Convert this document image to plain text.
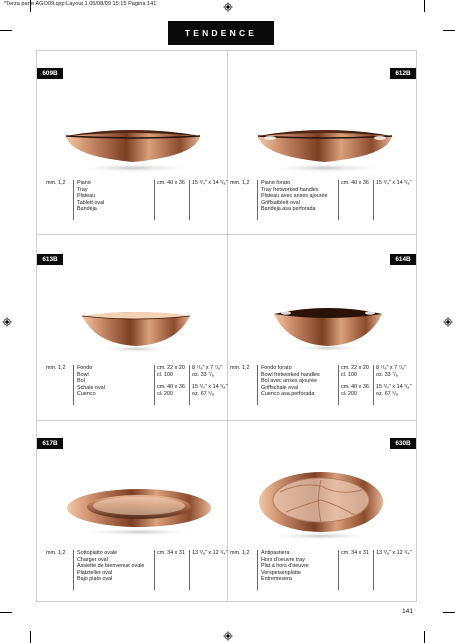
*Terza parte AGO09.qxp:Layout 1 05/08/09 15:15 Pagina 141
TENDENCE
609B
mm. 1,2 Piano
Tray
Plateau
Tablett oval
Bandeja
cm. 40 x 36 15 ³/₄" x 14 ¹/₈"
612B
mm. 1,2 Piano forato
Tray fretworked handles
Plateau avec anses ajourée
Griffsatblett oval
Bandeja asa perforada
cm. 40 x 36 15 ³/₄" x 14 ¹/₈"
613B
mm. 1,2 Fondo
Bowl
Bol
Schale oval
Cuenco
cm. 22 x 20
cl. 100
cm. 40 x 36
cl. 200
8 ⁵/₈" x 7 ⁷/₈"
oz. 33 ⁷/₈
15 ³/₄" x 14 ¹/₈"
oz. 67 ⁵/₈
614B
mm. 1,2 Fondo forato
Bowl fretworked handles
Bol avec anses ajourée
Griffschale oval
Cuenco asa perforada
cm. 22 x 20
cl. 100
cm. 40 x 36
cl. 200
8 ⁵/₈" x 7 ⁷/₈"
oz. 33 ⁷/₈
15 ³/₄" x 14 ¹/₈"
oz. 67 ⁵/₈
617B
mm. 1,2 Sottopiatto ovale
Charger oval
Assiette de bienvenue ovale
Platzteller oval
Bajo plato oval
cm. 34 x 31 13 ³/₈" x 12 ¹/₄"
630B
mm. 1,2 Antipastiera
Hors d'oeuvre tray
Plat à hors d'oeuvre
Vorspeisenplatte
Entremesera
cm. 34 x 31 13 ³/₈" x 12 ¹/₄"
141
